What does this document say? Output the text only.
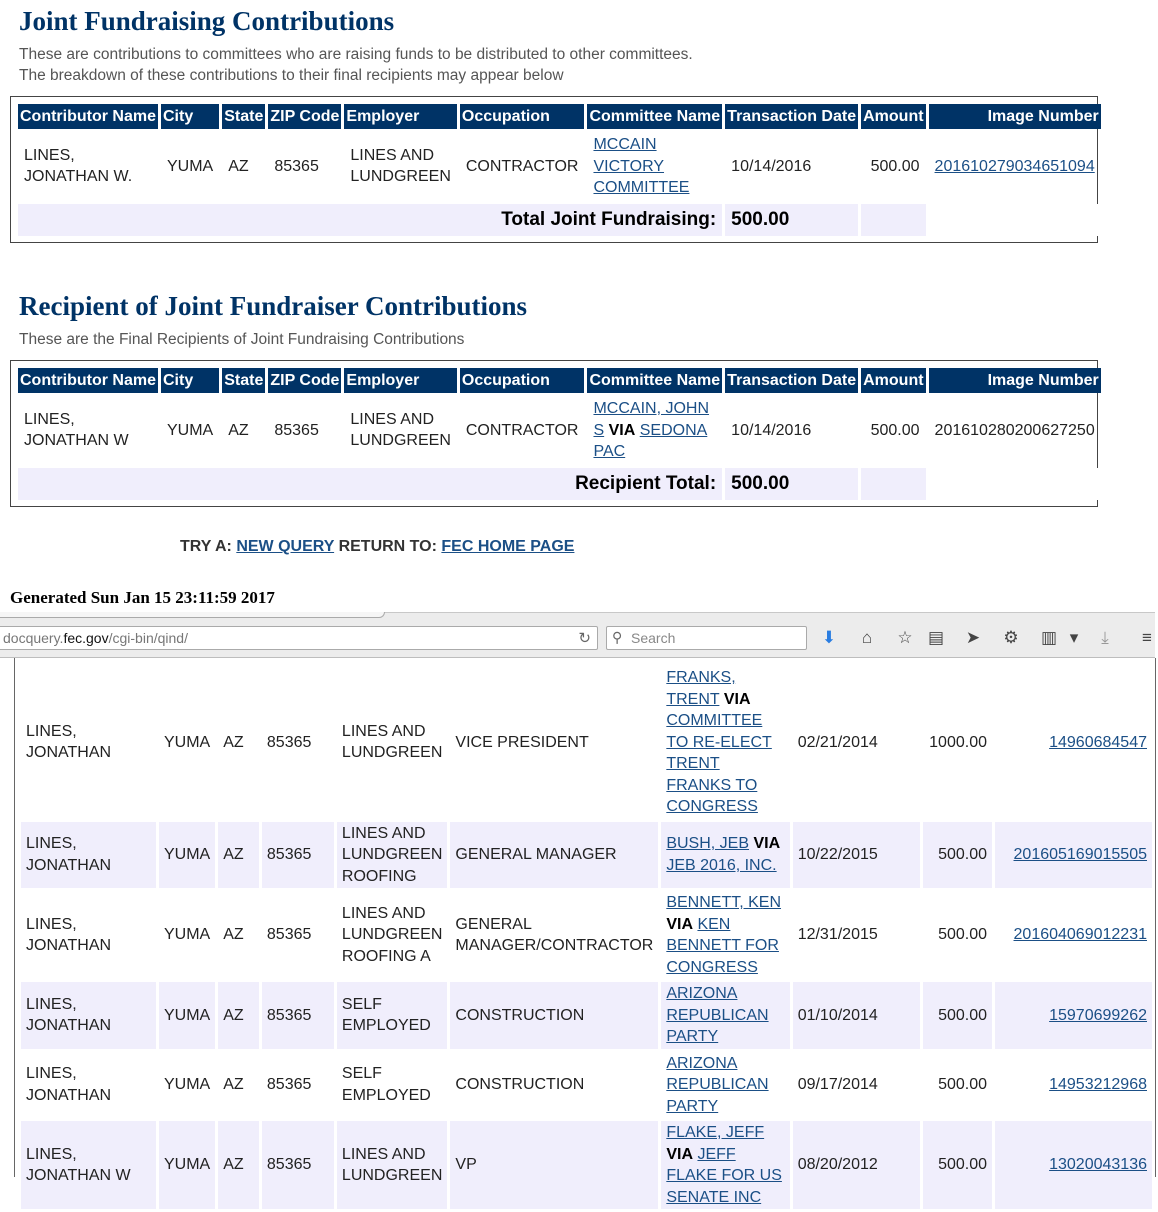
Joint Fundraising Contributions

These are contributions to committees who are raising funds to be distributed to other committees.
The breakdown of these contributions to their final recipients may appear below

Contributor Name	City	State	ZIP Code	Employer	Occupation	Committee Name	Transaction Date	Amount	Image Number
LINES, JONATHAN W.	YUMA	AZ	85365	LINES AND LUNDGREEN	CONTRACTOR	MCCAIN VICTORY COMMITTEE	10/14/2016	500.00	201610279034651094
Total Joint Fundraising:							500.00		
Recipient of Joint Fundraiser Contributions

These are the Final Recipients of Joint Fundraising Contributions

Contributor Name	City	State	ZIP Code	Employer	Occupation	Committee Name	Transaction Date	Amount	Image Number
LINES, JONATHAN W	YUMA	AZ	85365	LINES AND LUNDGREEN	CONTRACTOR	MCCAIN, JOHN S VIA SEDONA PAC	10/14/2016	500.00	201610280200627250
Recipient Total:							500.00		
TRY A: NEW QUERY RETURN TO: FEC HOME PAGE
Generated Sun Jan 15 23:11:59 2017
docquery.fec.gov/cgi-bin/qind/	↻ ⚲ Search	⬇	⌂	☆ ▤ ➤ ⚙ ▥ ▾	⤓	≡
LINES, JONATHAN	YUMA	AZ	85365	LINES AND LUNDGREEN	VICE PRESIDENT	FRANKS, TRENT VIA COMMITTEE TO RE-ELECT TRENT FRANKS TO CONGRESS	02/21/2014	1000.00	14960684547
LINES, JONATHAN	YUMA	AZ	85365	LINES AND LUNDGREEN ROOFING	GENERAL MANAGER	BUSH, JEB VIA JEB 2016, INC.	10/22/2015	500.00	201605169015505
LINES, JONATHAN	YUMA	AZ	85365	LINES AND LUNDGREEN ROOFING A	GENERAL MANAGER/CONTRACTOR	BENNETT, KEN VIA KEN BENNETT FOR CONGRESS	12/31/2015	500.00	201604069012231
LINES, JONATHAN	YUMA	AZ	85365	SELF EMPLOYED	CONSTRUCTION	ARIZONA REPUBLICAN PARTY	01/10/2014	500.00	15970699262
LINES, JONATHAN	YUMA	AZ	85365	SELF EMPLOYED	CONSTRUCTION	ARIZONA REPUBLICAN PARTY	09/17/2014	500.00	14953212968
LINES, JONATHAN W	YUMA	AZ	85365	LINES AND LUNDGREEN	VP	FLAKE, JEFF VIA JEFF FLAKE FOR US SENATE INC	08/20/2012	500.00	13020043136
